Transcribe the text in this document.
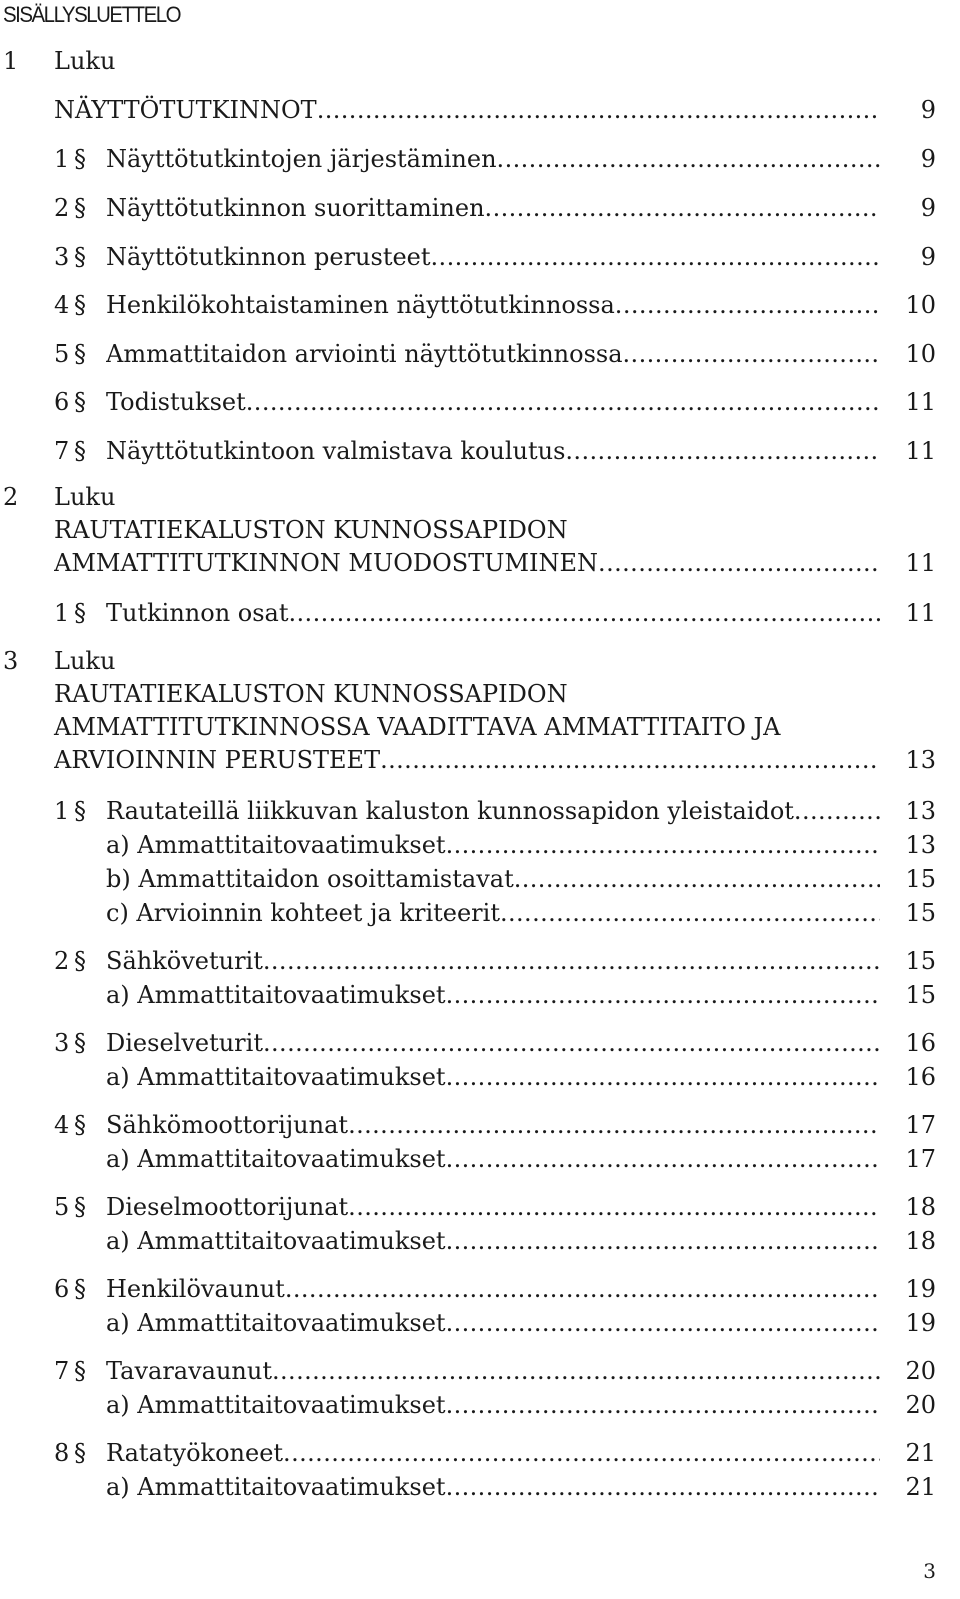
SISÄLLYSLUETTELO
1 Luku
NÄYTTÖTUTKINNOT .....	9
1 § Näyttötutkintojen järjestäminen .....	9
2 § Näyttötutkinnon suorittaminen .....	9
3 § Näyttötutkinnon perusteet .....	9
4 § Henkilökohtaistaminen näyttötutkinnossa .....	10
5 § Ammattitaidon arviointi näyttötutkinnossa .....	10
6 § Todistukset .....	11
7 § Näyttötutkintoon valmistava koulutus .....	11
2 Luku
RAUTATIEKALUSTON KUNNOSSAPIDON
AMMATTITUTKINNON MUODOSTUMINEN .....	11
1 § Tutkinnon osat .....	11
3 Luku
RAUTATIEKALUSTON KUNNOSSAPIDON
AMMATTITUTKINNOSSA VAADITTAVA AMMATTITAITO JA
ARVIOINNIN PERUSTEET .....	13
1 § Rautateillä liikkuvan kaluston kunnossapidon yleistaidot .....	13
a) Ammattitaitovaatimukset .....	13
b) Ammattitaidon osoittamistavat .....	15
c) Arvioinnin kohteet ja kriteerit .....	15
2 § Sähköveturit .....	15
a) Ammattitaitovaatimukset .....	15
3 § Dieselveturit .....	16
a) Ammattitaitovaatimukset .....	16
4 § Sähkömoottorijunat .....	17
a) Ammattitaitovaatimukset .....	17
5 § Dieselmoottorijunat .....	18
a) Ammattitaitovaatimukset .....	18
6 § Henkilövaunut .....	19
a) Ammattitaitovaatimukset .....	19
7 § Tavaravaunut .....	20
a) Ammattitaitovaatimukset .....	20
8 § Ratatyökoneet .....	21
a) Ammattitaitovaatimukset .....	21
3
